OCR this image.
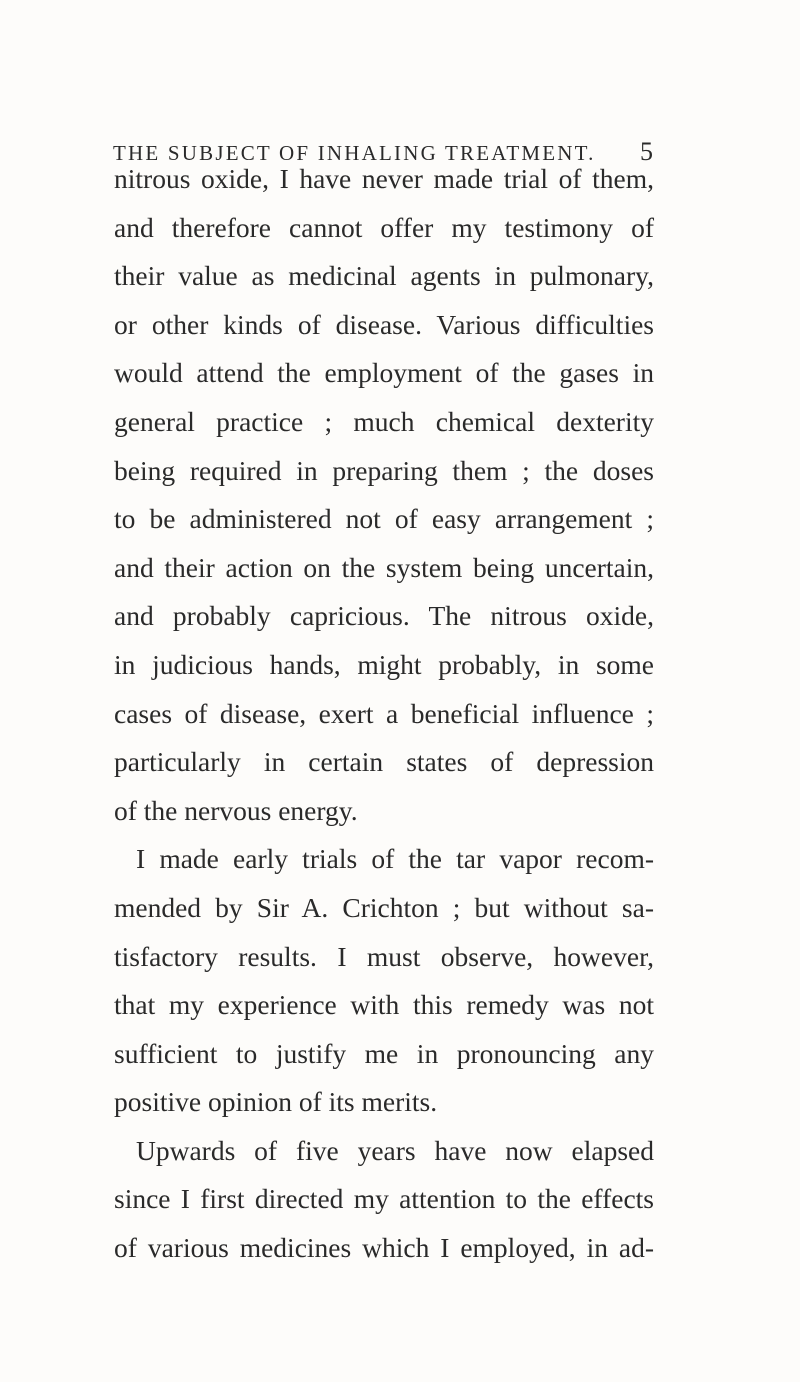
THE SUBJECT OF INHALING TREATMENT. 5
nitrous oxide, I have never made trial of them,
and therefore cannot offer my testimony of
their value as medicinal agents in pulmonary,
or other kinds of disease. Various difficulties
would attend the employment of the gases in
general practice ; much chemical dexterity
being required in preparing them ; the doses
to be administered not of easy arrangement ;
and their action on the system being uncertain,
and probably capricious. The nitrous oxide,
in judicious hands, might probably, in some
cases of disease, exert a beneficial influence ;
particularly in certain states of depression
of the nervous energy.
I made early trials of the tar vapor recom-
mended by Sir A. Crichton ; but without sa-
tisfactory results. I must observe, however,
that my experience with this remedy was not
sufficient to justify me in pronouncing any
positive opinion of its merits.
Upwards of five years have now elapsed
since I first directed my attention to the effects
of various medicines which I employed, in ad-
